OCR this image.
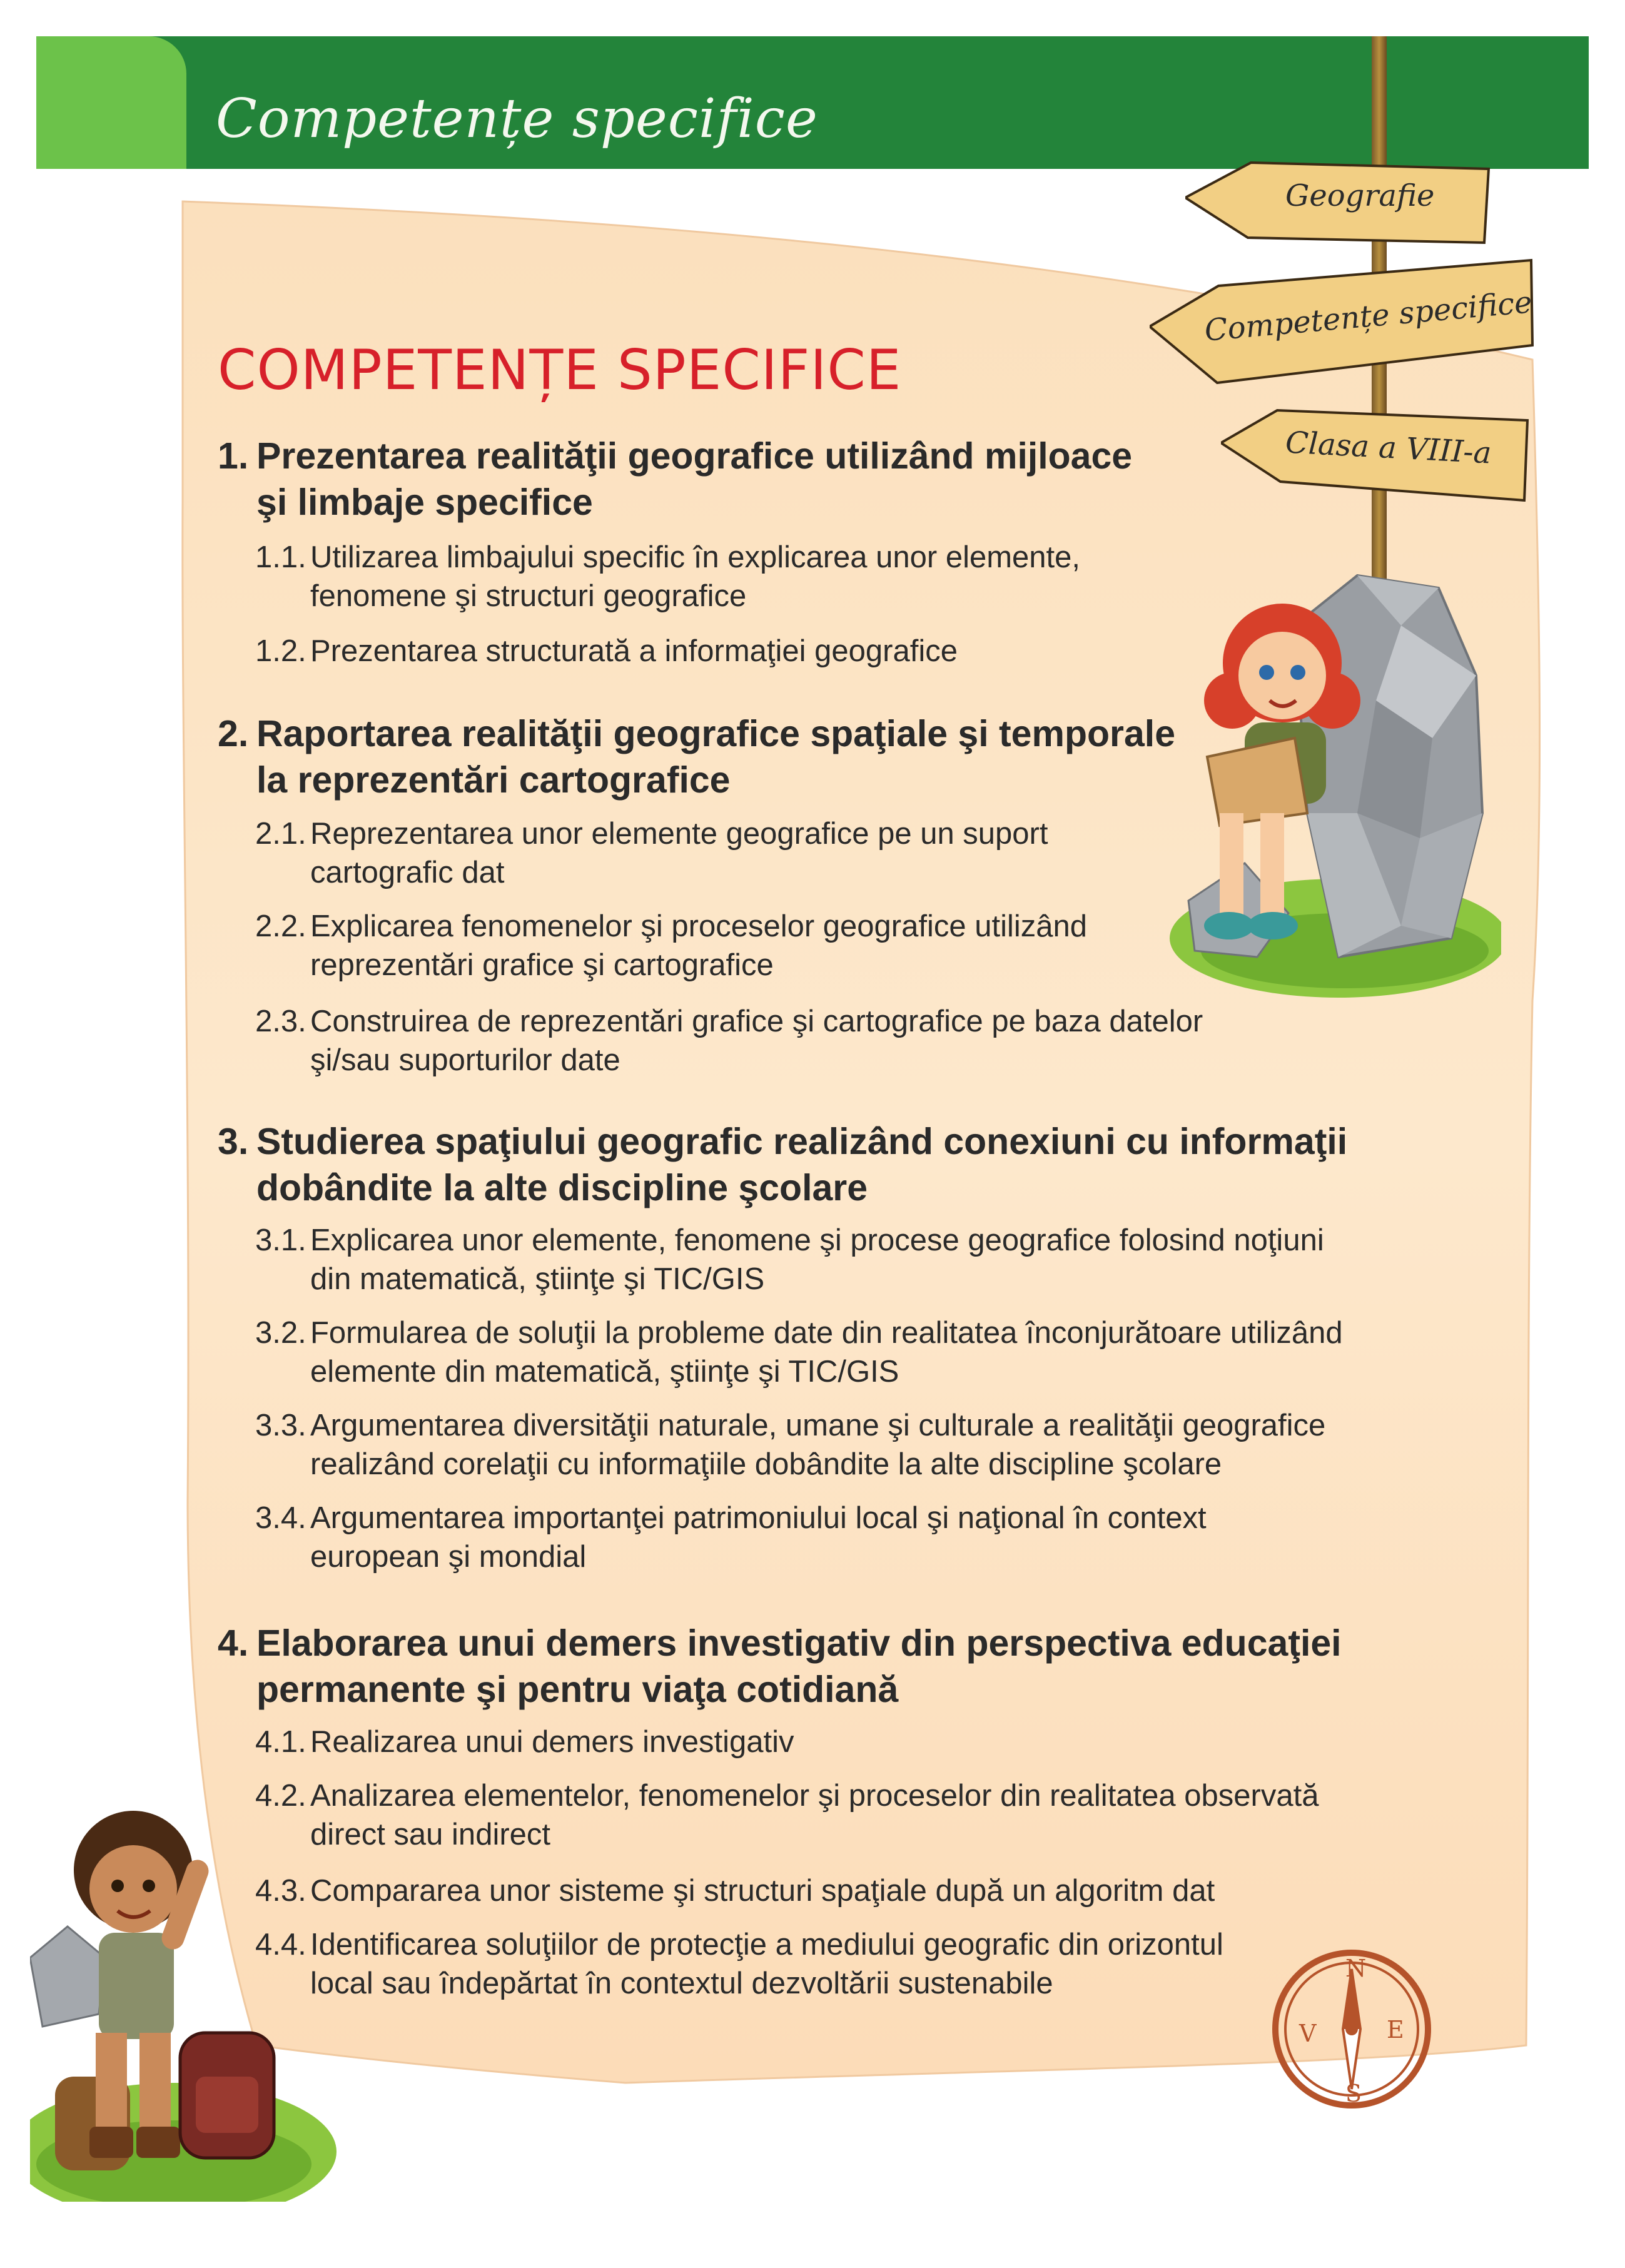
Competențe specifice
Geografie
Competențe specifice
Clasa a VIII-a
COMPETENȚE SPECIFICE
1. Prezentarea realităţii geografice utilizând mijloace
şi limbaje specifice
1.1. Utilizarea limbajului specific în explicarea unor elemente,
fenomene şi structuri geografice
1.2. Prezentarea structurată a informaţiei geografice
2. Raportarea realităţii geografice spaţiale şi temporale
la reprezentări cartografice
2.1. Reprezentarea unor elemente geografice pe un suport
cartografic dat
2.2. Explicarea fenomenelor şi proceselor geografice utilizând
reprezentări grafice şi cartografice
2.3. Construirea de reprezentări grafice şi cartografice pe baza datelor
şi/sau suporturilor date
3. Studierea spaţiului geografic realizând conexiuni cu informaţii
dobândite la alte discipline şcolare
3.1. Explicarea unor elemente, fenomene şi procese geografice folosind noţiuni
din matematică, ştiinţe şi TIC/GIS
3.2. Formularea de soluţii la probleme date din realitatea înconjurătoare utilizând
elemente din matematică, ştiinţe şi TIC/GIS
3.3. Argumentarea diversităţii naturale, umane şi culturale a realităţii geografice
realizând corelaţii cu informaţiile dobândite la alte discipline şcolare
3.4. Argumentarea importanţei patrimoniului local şi naţional în context
european şi mondial
4. Elaborarea unui demers investigativ din perspectiva educaţiei
permanente şi pentru viaţa cotidiană
4.1. Realizarea unui demers investigativ
4.2. Analizarea elementelor, fenomenelor şi proceselor din realitatea observată
direct sau indirect
4.3. Compararea unor sisteme şi structuri spaţiale după un algoritm dat
4.4. Identificarea soluţiilor de protecţie a mediului geografic din orizontul
local sau îndepărtat în contextul dezvoltării sustenabile	N
E
V
S
